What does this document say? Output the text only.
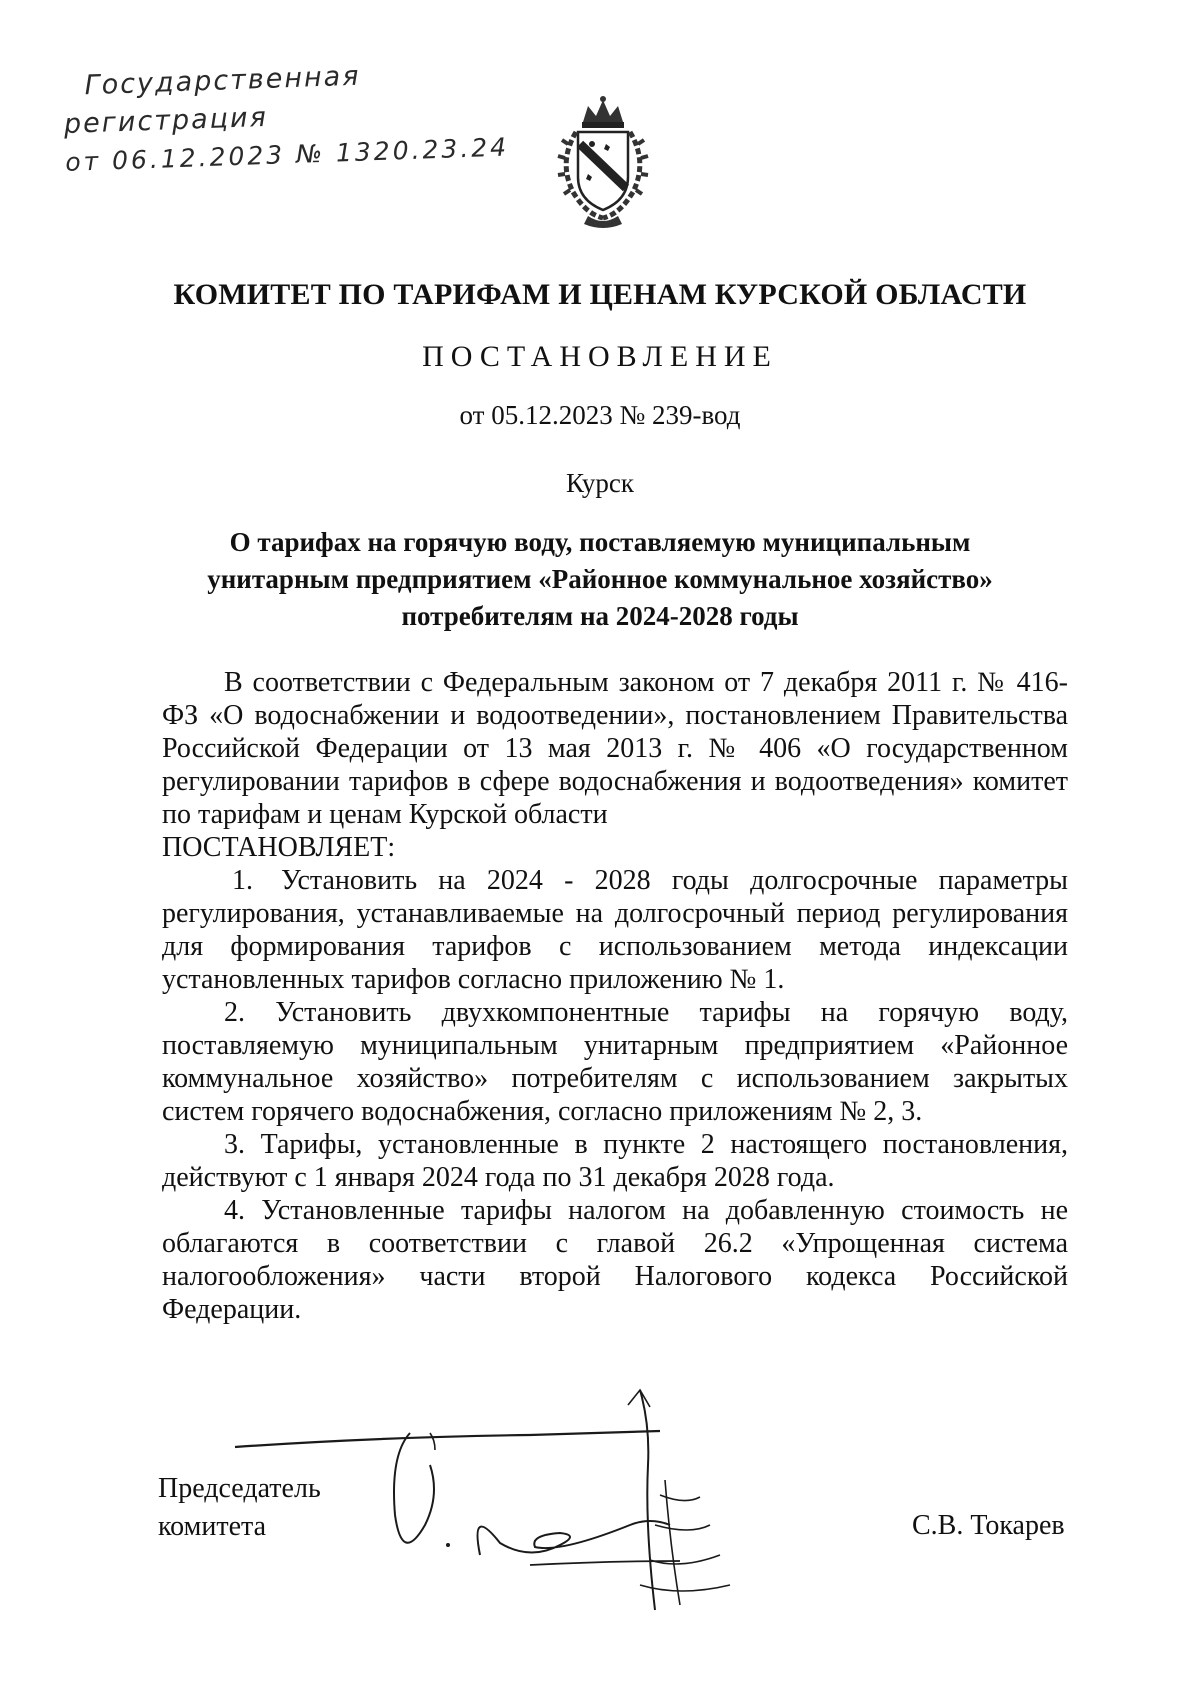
Государственная
регистрация
от 06.12.2023 № 1320.23.24
КОМИТЕТ ПО ТАРИФАМ И ЦЕНАМ КУРСКОЙ ОБЛАСТИ
ПОСТАНОВЛЕНИЕ
от 05.12.2023 № 239-вод
Курск
О тарифах на горячую воду, поставляемую муниципальным
унитарным предприятием «Районное коммунальное хозяйство»
потребителям на 2024-2028 годы

В соответствии с Федеральным законом от 7 декабря 2011 г. № 416-ФЗ «О водоснабжении и водоотведении», постановлением Правительства Российской Федерации от 13 мая 2013 г. № 406 «О государственном регулировании тарифов в сфере водоснабжения и водоотведения» комитет по тарифам и ценам Курской области

ПОСТАНОВЛЯЕТ:

1. Установить на 2024 - 2028 годы долгосрочные параметры регулирования, устанавливаемые на долгосрочный период регулирования для формирования тарифов с использованием метода индексации установленных тарифов согласно приложению № 1.

2. Установить двухкомпонентные тарифы на горячую воду, поставляемую муниципальным унитарным предприятием «Районное коммунальное хозяйство» потребителям с использованием закрытых систем горячего водоснабжения, согласно приложениям № 2, 3.

3. Тарифы, установленные в пункте 2 настоящего постановления, действуют с 1 января 2024 года по 31 декабря 2028 года.

4. Установленные тарифы налогом на добавленную стоимость не облагаются в соответствии с главой 26.2 «Упрощенная система налогообложения» части второй Налогового кодекса Российской Федерации.

Председатель
комитета	С.В. Токарев
